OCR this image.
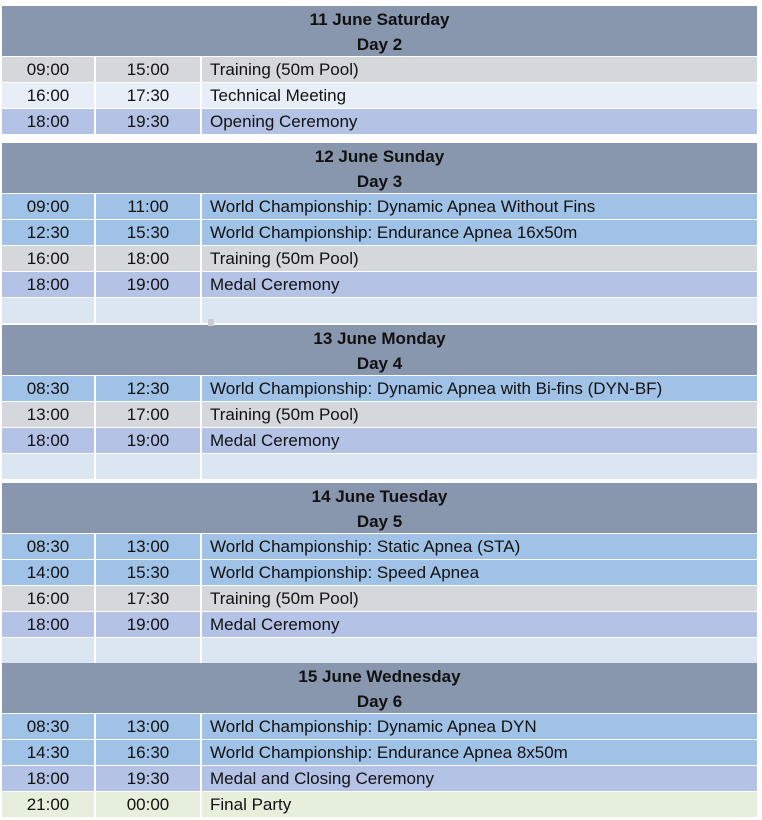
11 June Saturday
Day 2
09:00	15:00	Training (50m Pool)
16:00	17:30	Technical Meeting
18:00	19:30	Opening Ceremony
12 June Sunday
Day 3
09:00	11:00	World Championship: Dynamic Apnea Without Fins
12:30	15:30	World Championship: Endurance Apnea 16x50m
16:00	18:00	Training (50m Pool)
18:00	19:00	Medal Ceremony
13 June Monday
Day 4
08:30	12:30	World Championship: Dynamic Apnea with Bi-fins (DYN-BF)
13:00	17:00	Training (50m Pool)
18:00	19:00	Medal Ceremony
14 June Tuesday
Day 5
08:30	13:00	World Championship: Static Apnea (STA)
14:00	15:30	World Championship: Speed Apnea
16:00	17:30	Training (50m Pool)
18:00	19:00	Medal Ceremony
15 June Wednesday
Day 6
08:30	13:00	World Championship: Dynamic Apnea DYN
14:30	16:30	World Championship: Endurance Apnea 8x50m
18:00	19:30	Medal and Closing Ceremony
21:00	00:00	Final Party
